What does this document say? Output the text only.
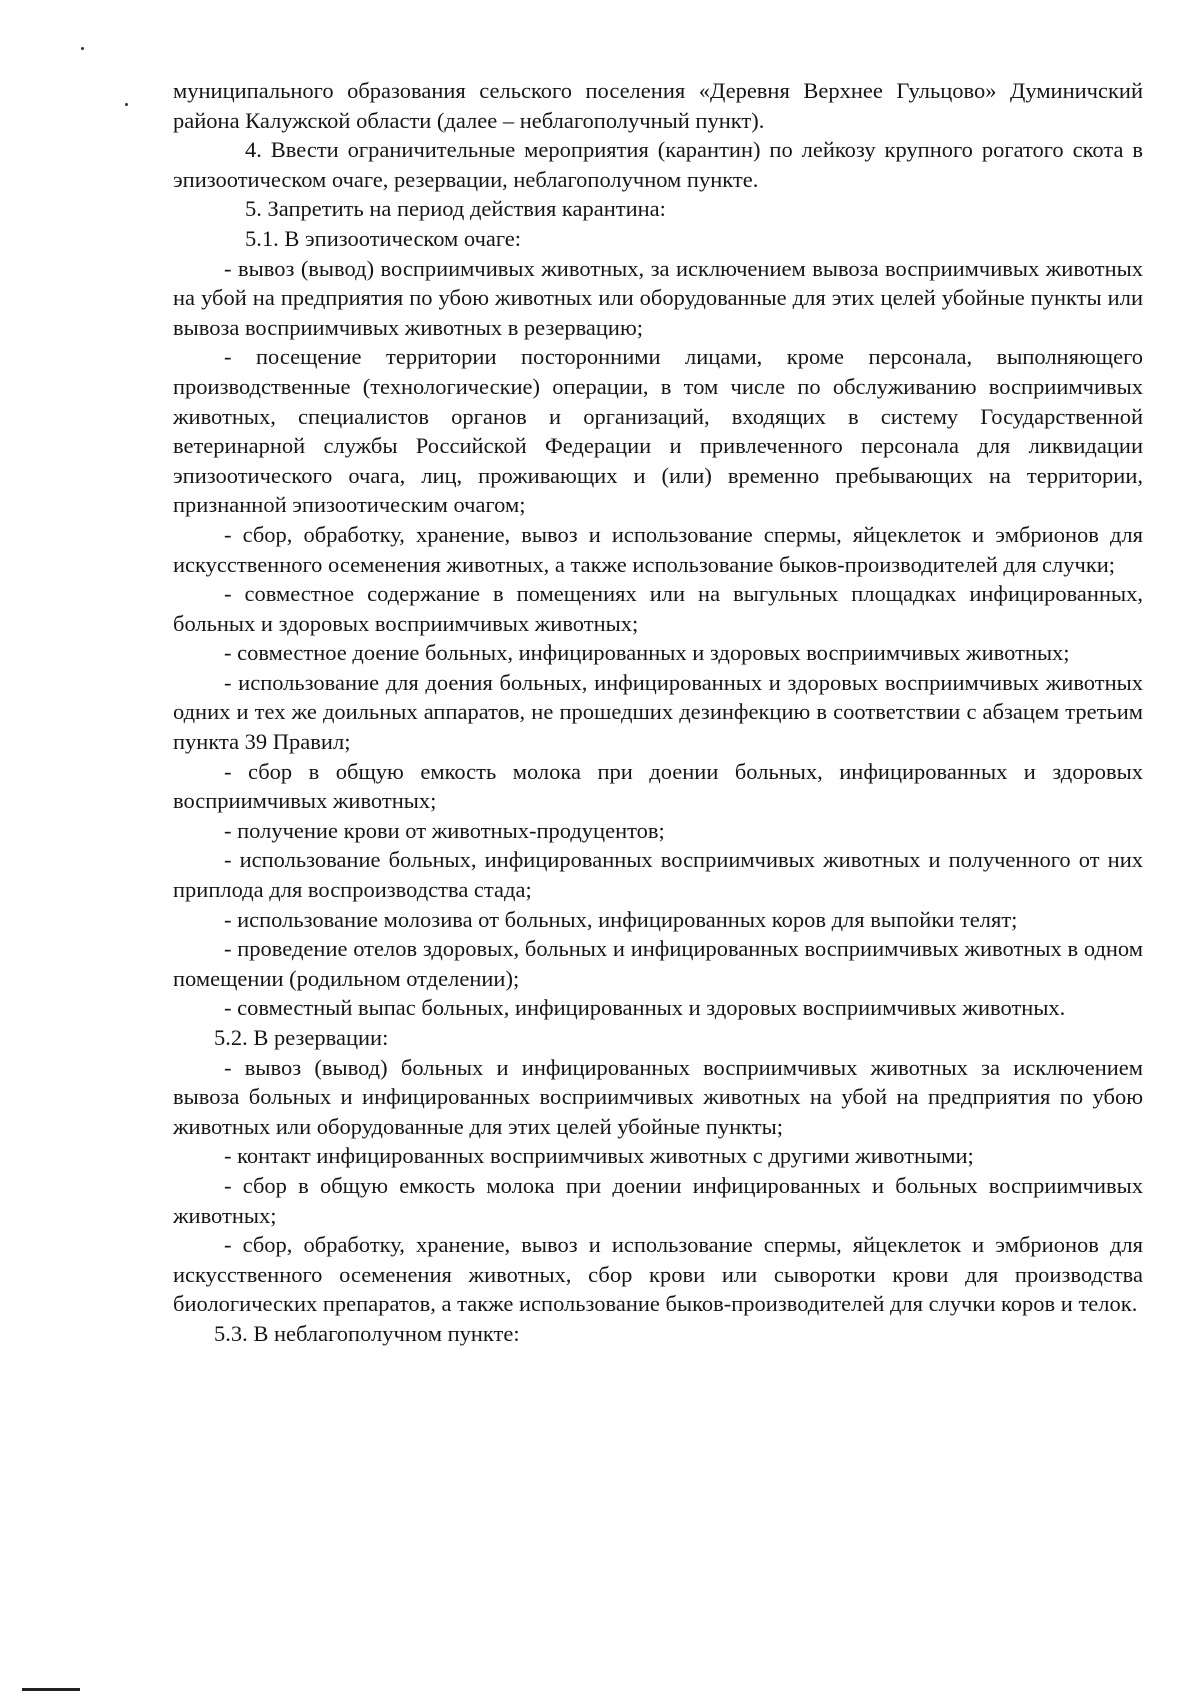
муниципального образования сельского поселения «Деревня Верхнее Гульцово» Думиничский района Калужской области (далее – неблагополучный пункт).

4. Ввести ограничительные мероприятия (карантин) по лейкозу крупного рогатого скота в эпизоотическом очаге, резервации, неблагополучном пункте.

5. Запретить на период действия карантина:

5.1. В эпизоотическом очаге:

- вывоз (вывод) восприимчивых животных, за исключением вывоза восприимчивых животных на убой на предприятия по убою животных или оборудованные для этих целей убойные пункты или вывоза восприимчивых животных в резервацию;

- посещение территории посторонними лицами, кроме персонала, выполняющего производственные (технологические) операции, в том числе по обслуживанию восприимчивых животных, специалистов органов и организаций, входящих в систему Государственной ветеринарной службы Российской Федерации и привлеченного персонала для ликвидации эпизоотического очага, лиц, проживающих и (или) временно пребывающих на территории, признанной эпизоотическим очагом;

- сбор, обработку, хранение, вывоз и использование спермы, яйцеклеток и эмбрионов для искусственного осеменения животных, а также использование быков-производителей для случки;

- совместное содержание в помещениях или на выгульных площадках инфицированных, больных и здоровых восприимчивых животных;

- совместное доение больных, инфицированных и здоровых восприимчивых животных;

- использование для доения больных, инфицированных и здоровых восприимчивых животных одних и тех же доильных аппаратов, не прошедших дезинфекцию в соответствии с абзацем третьим пункта 39 Правил;

- сбор в общую емкость молока при доении больных, инфицированных и здоровых восприимчивых животных;

- получение крови от животных-продуцентов;

- использование больных, инфицированных восприимчивых животных и полученного от них приплода для воспроизводства стада;

- использование молозива от больных, инфицированных коров для выпойки телят;

- проведение отелов здоровых, больных и инфицированных восприимчивых животных в одном помещении (родильном отделении);

- совместный выпас больных, инфицированных и здоровых восприимчивых животных.

5.2. В резервации:

- вывоз (вывод) больных и инфицированных восприимчивых животных за исключением вывоза больных и инфицированных восприимчивых животных на убой на предприятия по убою животных или оборудованные для этих целей убойные пункты;

- контакт инфицированных восприимчивых животных с другими животными;

- сбор в общую емкость молока при доении инфицированных и больных восприимчивых животных;

- сбор, обработку, хранение, вывоз и использование спермы, яйцеклеток и эмбрионов для искусственного осеменения животных, сбор крови или сыворотки крови для производства биологических препаратов, а также использование быков-производителей для случки коров и телок.

5.3. В неблагополучном пункте:
